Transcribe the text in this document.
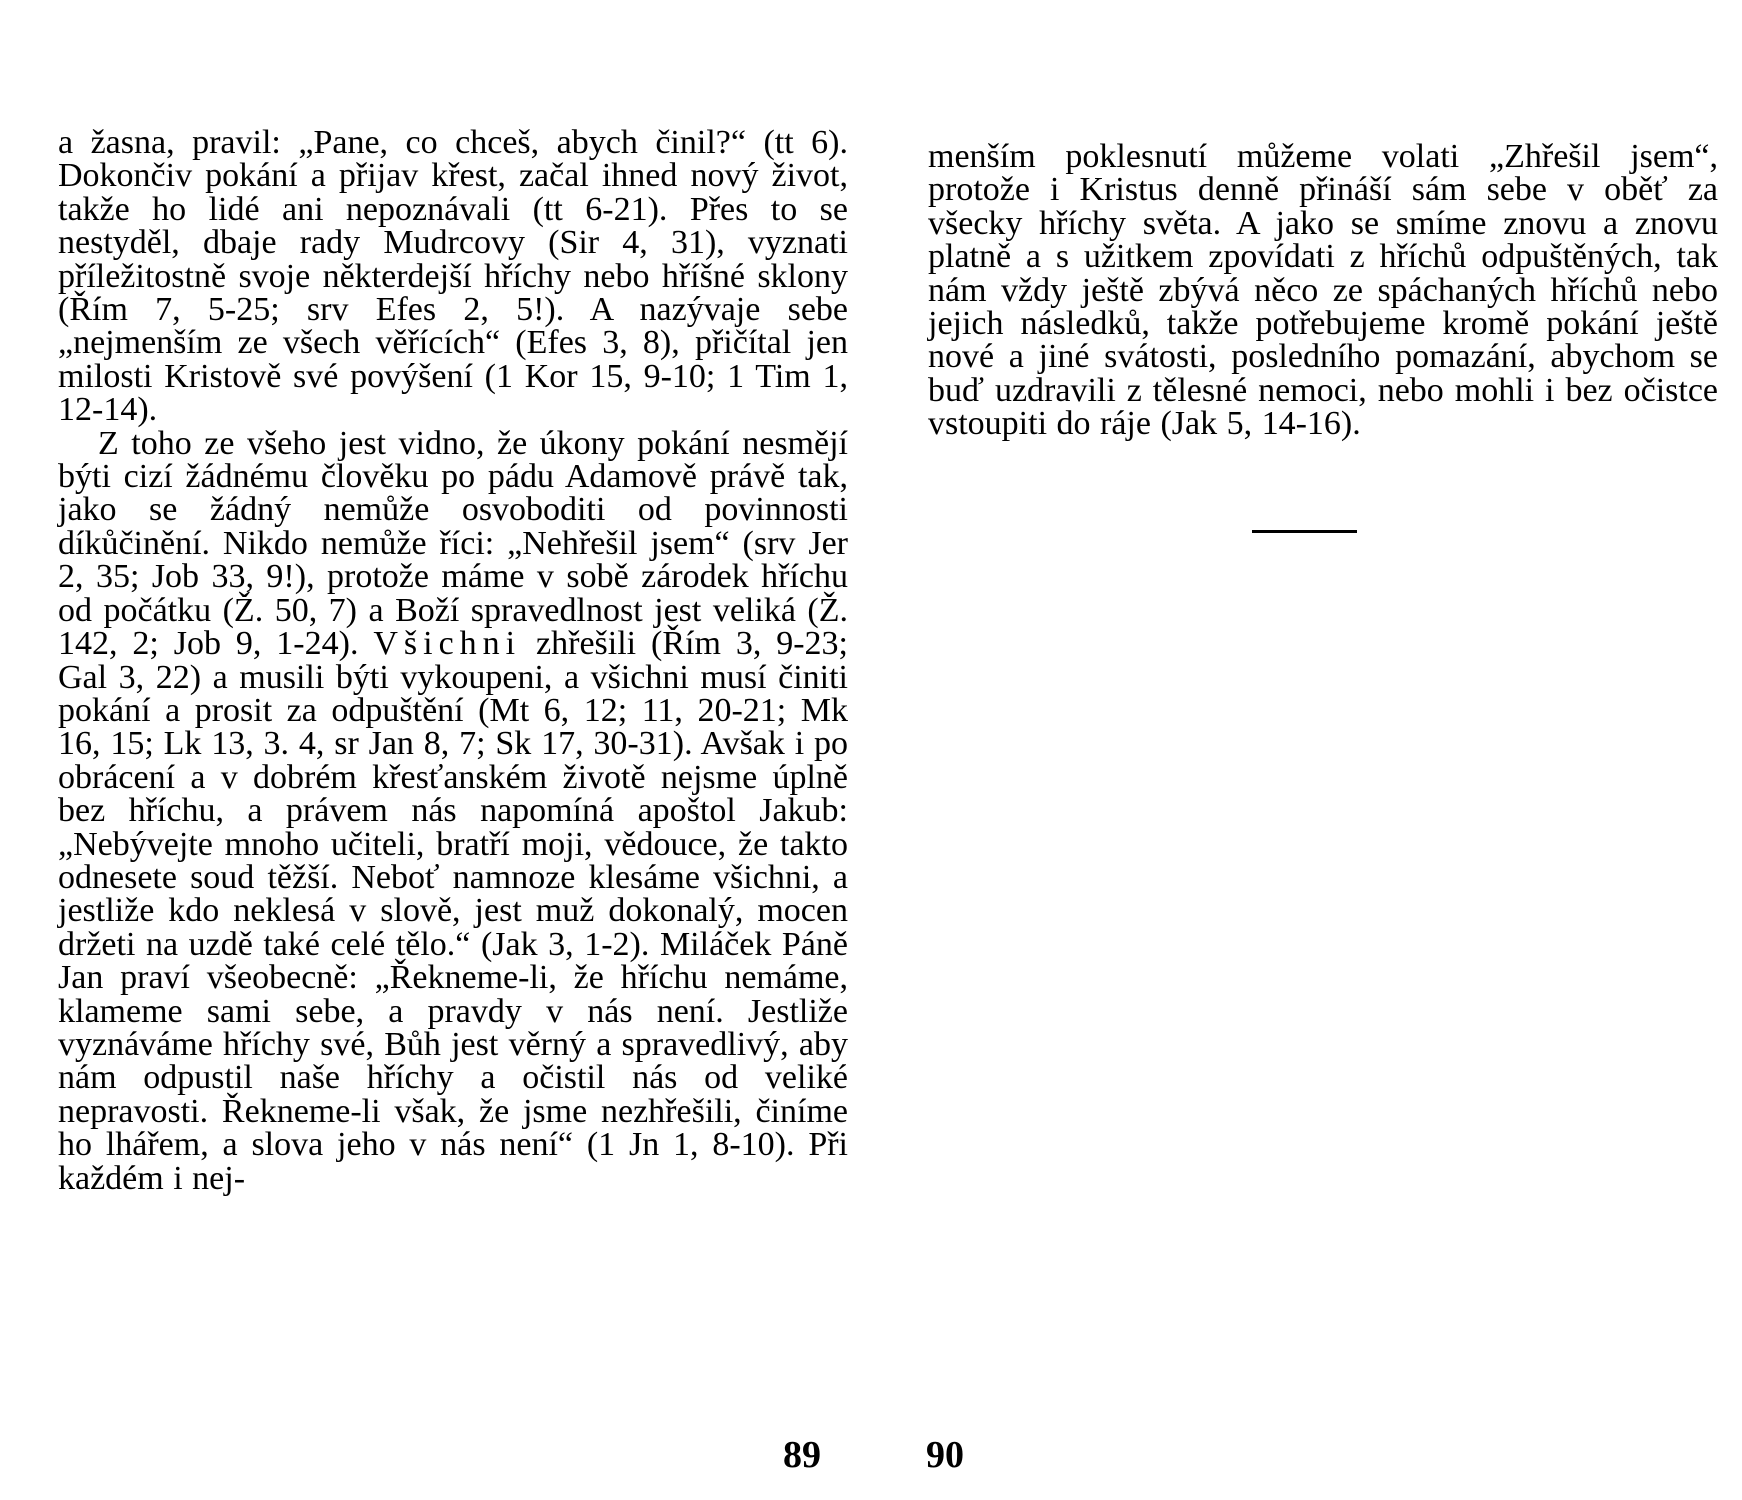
a žasna, pravil: „Pane, co chceš, abych činil?“ (tt 6). Dokončiv pokání a přijav křest, začal ihned nový život, takže ho lidé ani nepoznávali (tt 6-21). Přes to se nestyděl, dbaje rady Mudrcovy (Sir 4, 31), vyznati příležitostně svoje některdejší hříchy nebo hříšné sklony (Řím 7, 5-25; srv Efes 2, 5!). A nazývaje sebe „nejmenším ze všech věřících“ (Efes 3, 8), přičítal jen milosti Kristově své povýšení (1 Kor 15, 9-10; 1 Tim 1, 12-14).

Z toho ze všeho jest vidno, že úkony pokání nesmějí býti cizí žádnému člověku po pádu Adamově právě tak, jako se žádný nemůže osvoboditi od povinnosti díkůčinění. Nikdo nemůže říci: „Nehřešil jsem“ (srv Jer 2, 35; Job 33, 9!), protože máme v sobě zárodek hříchu od počátku (Ž. 50, 7) a Boží spravedlnost jest veliká (Ž. 142, 2; Job 9, 1-24). Všichni zhřešili (Řím 3, 9-23; Gal 3, 22) a musili býti vykoupeni, a všichni musí činiti pokání a prosit za odpuštění (Mt 6, 12; 11, 20-21; Mk 16, 15; Lk 13, 3. 4, sr Jan 8, 7; Sk 17, 30-31). Avšak i po obrácení a v dobrém křesťanském životě nejsme úplně bez hříchu, a právem nás napomíná apoštol Jakub: „Nebývejte mnoho učiteli, bratří moji, vědouce, že takto odnesete soud těžší. Neboť namnoze klesáme všichni, a jestliže kdo neklesá v slově, jest muž dokonalý, mocen držeti na uzdě také celé tělo.“ (Jak 3, 1-2). Miláček Páně Jan praví všeobecně: „Řekneme-li, že hříchu nemáme, klameme sami sebe, a pravdy v nás není. Jestliže vyznáváme hříchy své, Bůh jest věrný a spravedlivý, aby nám odpustil naše hříchy a očistil nás od veliké nepravosti. Řekneme-li však, že jsme nezhřešili, činíme ho lhářem, a slova jeho v nás není“ (1 Jn 1, 8-10). Při každém i nej-

89

menším poklesnutí můžeme volati „Zhřešil jsem“, protože i Kristus denně přináší sám sebe v oběť za všecky hříchy světa. A jako se smíme znovu a znovu platně a s užitkem zpovídati z hříchů odpuštěných, tak nám vždy ještě zbývá něco ze spáchaných hříchů nebo jejich následků, takže potřebujeme kromě pokání ještě nové a jiné svátosti, posledního pomazání, abychom se buď uzdravili z tělesné nemoci, nebo mohli i bez očistce vstoupiti do ráje (Jak 5, 14-16).

90
